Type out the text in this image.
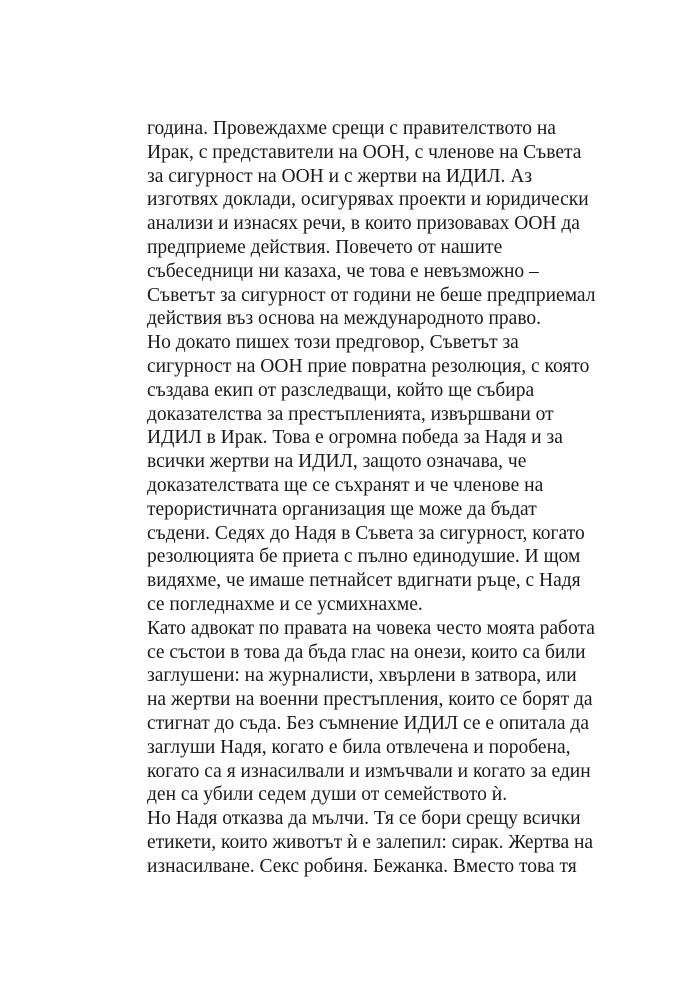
година. Провеждахме срещи с правителството на
Ирак, с представители на ООН, с членове на Съвета
за сигурност на ООН и с жертви на ИДИЛ. Аз
изготвях доклади, осигурявах проекти и юридически
анализи и изнасях речи, в които призовавах ООН да
предприеме действия. Повечето от нашите
събеседници ни казаха, че това е невъзможно –
Съветът за сигурност от години не беше предприемал
действия въз основа на международното право.
Но докато пишех този предговор, Съветът за
сигурност на ООН прие повратна резолюция, с която
създава екип от разследващи, който ще събира
доказателства за престъпленията, извършвани от
ИДИЛ в Ирак. Това е огромна победа за Надя и за
всички жертви на ИДИЛ, защото означава, че
доказателствата ще се съхранят и че членове на
терористичната организация ще може да бъдат
съдени. Седях до Надя в Съвета за сигурност, когато
резолюцията бе приета с пълно единодушие. И щом
видяхме, че имаше петнайсет вдигнати ръце, с Надя
се погледнахме и се усмихнахме.
Като адвокат по правата на човека често моята работа
се състои в това да бъда глас на онези, които са били
заглушени: на журналисти, хвърлени в затвора, или
на жертви на военни престъпления, които се борят да
стигнат до съда. Без съмнение ИДИЛ се е опитала да
заглуши Надя, когато е била отвлечена и поробена,
когато са я изнасилвали и измъчвали и когато за един
ден са убили седем души от семейството ѝ.
Но Надя отказва да мълчи. Тя се бори срещу всички
етикети, които животът ѝ е залепил: сирак. Жертва на
изнасилване. Секс робиня. Бежанка. Вместо това тя
